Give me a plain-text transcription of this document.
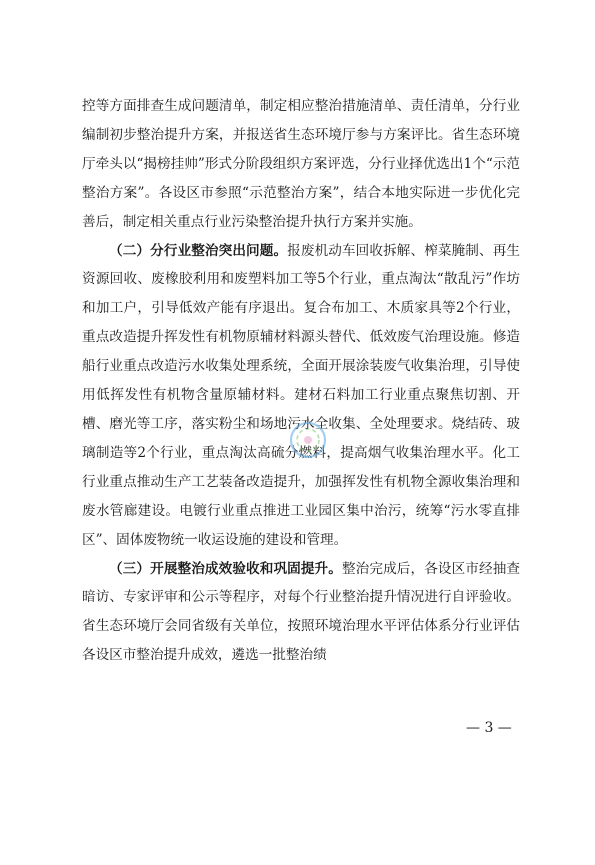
控等方面排查生成问题清单，制定相应整治措施清单、责任清单，分行业编制初步整治提升方案，并报送省生态环境厅参与方案评比。省生态环境厅牵头以“揭榜挂帅”形式分阶段组织方案评选，分行业择优选出1个“示范整治方案”。各设区市参照“示范整治方案”，结合本地实际进一步优化完善后，制定相关重点行业污染整治提升执行方案并实施。

（二）分行业整治突出问题。报废机动车回收拆解、榨菜腌制、再生资源回收、废橡胶利用和废塑料加工等5个行业，重点淘汰“散乱污”作坊和加工户，引导低效产能有序退出。复合布加工、木质家具等2个行业，重点改造提升挥发性有机物原辅材料源头替代、低效废气治理设施。修造船行业重点改造污水收集处理系统，全面开展涂装废气收集治理，引导使用低挥发性有机物含量原辅材料。建材石料加工行业重点聚焦切割、开槽、磨光等工序，落实粉尘和场地污水全收集、全处理要求。烧结砖、玻璃制造等2个行业，重点淘汰高硫分燃料，提高烟气收集治理水平。化工行业重点推动生产工艺装备改造提升，加强挥发性有机物全源收集治理和废水管廊建设。电镀行业重点推进工业园区集中治污，统筹“污水零直排区”、固体废物统一收运设施的建设和管理。

（三）开展整治成效验收和巩固提升。整治完成后，各设区市经抽查暗访、专家评审和公示等程序，对每个行业整治提升情况进行自评验收。省生态环境厅会同省级有关单位，按照环境治理水平评估体系分行业评估各设区市整治提升成效，遴选一批整治绩

— 3 —
